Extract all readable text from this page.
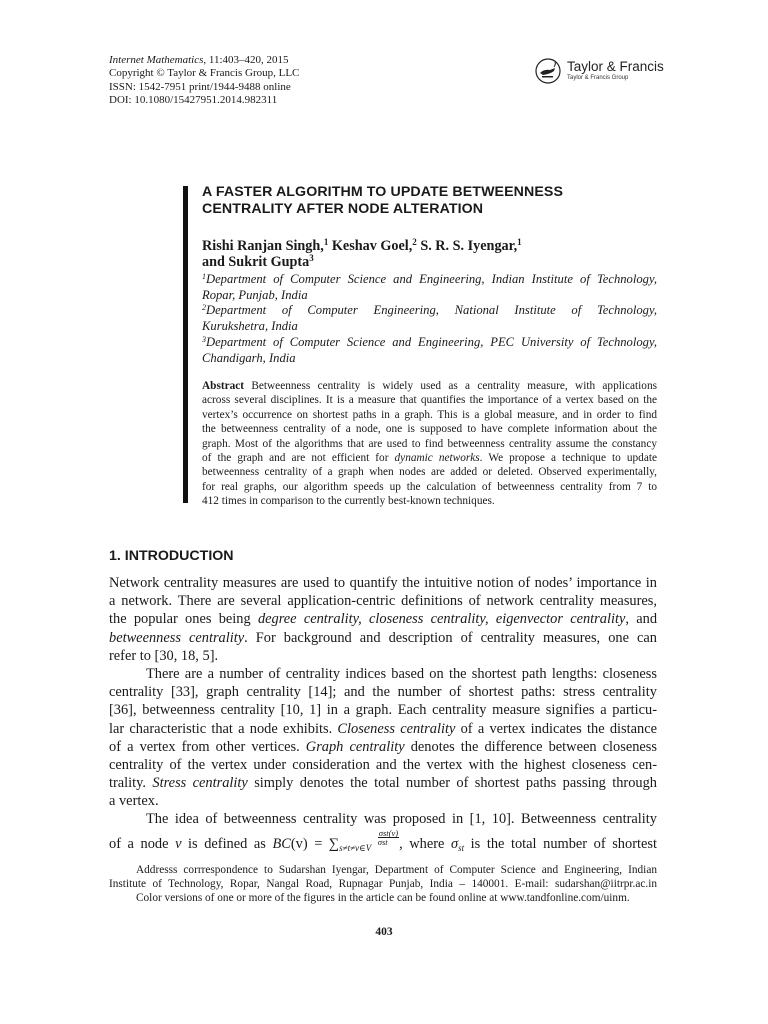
Internet Mathematics, 11:403–420, 2015
Copyright © Taylor & Francis Group, LLC
ISSN: 1542-7951 print/1944-9488 online
DOI: 10.1080/15427951.2014.982311
Taylor & Francis
Taylor & Francis Group
A FASTER ALGORITHM TO UPDATE BETWEENNESS
CENTRALITY AFTER NODE ALTERATION
Rishi Ranjan Singh,$^1$ Keshav Goel,$^2$ S. R. S. Iyengar,$^1$
and Sukrit Gupta$^3$
$^1$Department of Computer Science and Engineering, Indian Institute of Technology,
Ropar, Punjab, India
$^2$Department of Computer Engineering, National Institute of Technology,
Kurukshetra, India
$^3$Department of Computer Science and Engineering, PEC University of Technology,
Chandigarh, India
Abstract Betweenness centrality is widely used as a centrality measure, with applications
across several disciplines. It is a measure that quantifies the importance of a vertex based on the
vertex’s occurrence on shortest paths in a graph. This is a global measure, and in order to find
the betweenness centrality of a node, one is supposed to have complete information about the
graph. Most of the algorithms that are used to find betweenness centrality assume the constancy
of the graph and are not efficient for dynamic networks. We propose a technique to update
betweenness centrality of a graph when nodes are added or deleted. Observed experimentally,
for real graphs, our algorithm speeds up the calculation of betweenness centrality from 7 to
412 times in comparison to the currently best-known techniques.
1. INTRODUCTION
Network centrality measures are used to quantify the intuitive notion of nodes’ importance in
a network. There are several application-centric definitions of network centrality measures,
the popular ones being degree centrality, closeness centrality, eigenvector centrality, and
betweenness centrality. For background and description of centrality measures, one can
refer to [30, 18, 5].
There are a number of centrality indices based on the shortest path lengths: closeness
centrality [33], graph centrality [14]; and the number of shortest paths: stress centrality
[36], betweenness centrality [10, 1] in a graph. Each centrality measure signifies a particu-
lar characteristic that a node exhibits. Closeness centrality of a vertex indicates the distance
of a vertex from other vertices. Graph centrality denotes the difference between closeness
centrality of the vertex under consideration and the vertex with the highest closeness cen-
trality. Stress centrality simply denotes the total number of shortest paths passing through
a vertex.
The idea of betweenness centrality was proposed in [1, 10]. Betweenness centrality
of a node v is defined as $BC(v) = \sum_{s\ne t\ne v\in V}$
$\frac{\text{σst(v)}}{\text{σst}}$ , where $\sigma_{st}$ is the total number of shortest
Addresss corrrespondence to Sudarshan Iyengar, Department of Computer Science and Engineering, Indian
Institute of Technology, Ropar, Nangal Road, Rupnagar Punjab, India – 140001. E-mail: sudarshan@iitrpr.ac.in
Color versions of one or more of the figures in the article can be found online at www.tandfonline.com/uinm.
403
